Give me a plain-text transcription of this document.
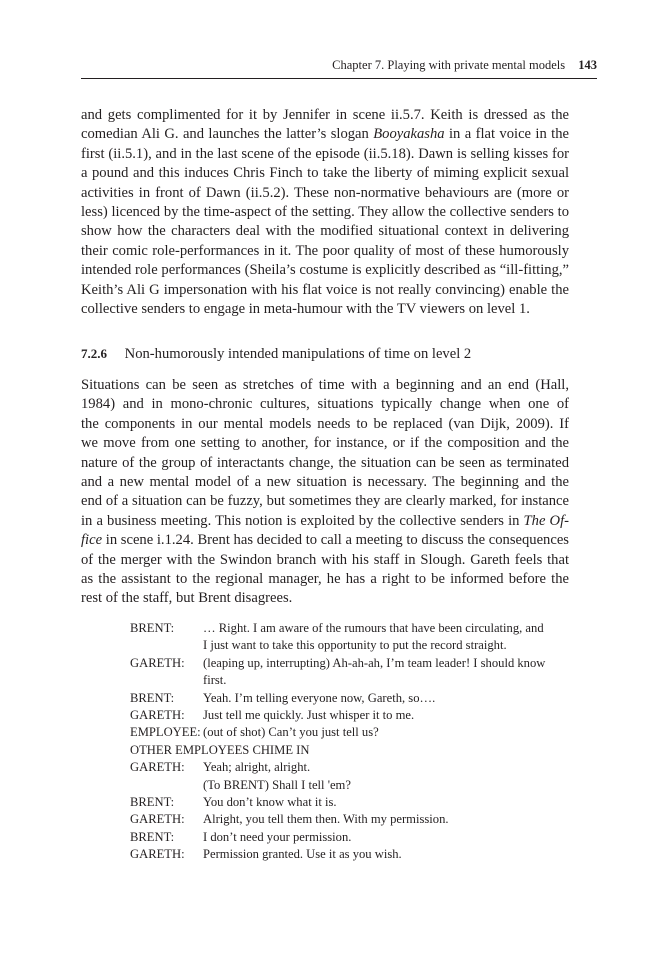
Chapter 7. Playing with private mental models 143
and gets complimented for it by Jennifer in scene ii.5.7. Keith is dressed as the
comedian Ali G. and launches the latter’s slogan Booyakasha in a flat voice in the
first (ii.5.1), and in the last scene of the episode (ii.5.18). Dawn is selling kisses for
a pound and this induces Chris Finch to take the liberty of miming explicit sexual
activities in front of Dawn (ii.5.2). These non-normative behaviours are (more or
less) licenced by the time-aspect of the setting. They allow the collective senders to
show how the characters deal with the modified situational context in delivering
their comic role-performances in it. The poor quality of most of these humorously
intended role performances (Sheila’s costume is explicitly described as “ill-fitting,”
Keith’s Ali G impersonation with his flat voice is not really convincing) enable the
collective senders to engage in meta-humour with the TV viewers on level 1.
7.2.6 Non-humorously intended manipulations of time on level 2
Situations can be seen as stretches of time with a beginning and an end (Hall,
1984) and in mono-chronic cultures, situations typically change when one of
the components in our mental models needs to be replaced (van Dijk, 2009). If
we move from one setting to another, for instance, or if the composition and the
nature of the group of interactants change, the situation can be seen as terminated
and a new mental model of a new situation is necessary. The beginning and the
end of a situation can be fuzzy, but sometimes they are clearly marked, for instance
in a business meeting. This notion is exploited by the collective senders in The Of-
fice in scene i.1.24. Brent has decided to call a meeting to discuss the consequences
of the merger with the Swindon branch with his staff in Slough. Gareth feels that
as the assistant to the regional manager, he has a right to be informed before the
rest of the staff, but Brent disagrees.
BRENT:	… Right. I am aware of the rumours that have been circulating, and
I just want to take this opportunity to put the record straight.
GARETH:	(leaping up, interrupting) Ah-ah-ah, I’m team leader! I should know
first.
BRENT:	Yeah. I’m telling everyone now, Gareth, so….
GARETH:	Just tell me quickly. Just whisper it to me.
EMPLOYEE: (out of shot) Can’t you just tell us?
OTHER EMPLOYEES CHIME IN
GARETH:	Yeah; alright, alright.
(To BRENT) Shall I tell 'em?
BRENT:	You don’t know what it is.
GARETH:	Alright, you tell them then. With my permission.
BRENT:	I don’t need your permission.
GARETH:	Permission granted. Use it as you wish.
